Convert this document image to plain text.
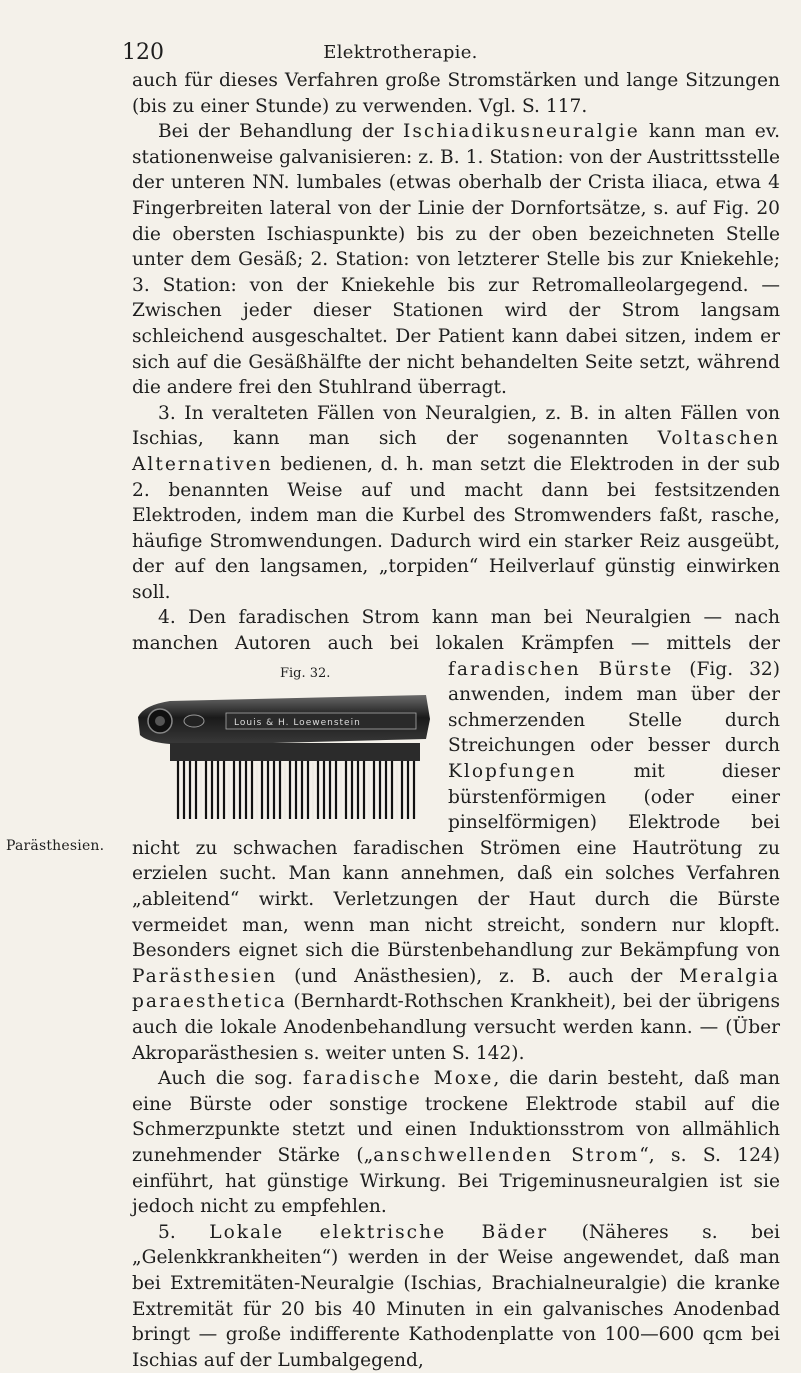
120	Elektrotherapie.
Parästhesien.

auch für dieses Verfahren große Stromstärken und lange Sitzungen (bis zu einer Stunde) zu verwenden. Vgl. S. 117.

Bei der Behandlung der Ischiadikusneuralgie kann man ev. stationenweise galvanisieren: z. B. 1. Station: von der Austrittsstelle der unteren NN. lumbales (etwas oberhalb der Crista iliaca, etwa 4 Fingerbreiten lateral von der Linie der Dornfortsätze, s. auf Fig. 20 die obersten Ischiaspunkte) bis zu der oben bezeichneten Stelle unter dem Gesäß; 2. Station: von letzterer Stelle bis zur Kniekehle; 3. Station: von der Kniekehle bis zur Retromalleolargegend. — Zwischen jeder dieser Stationen wird der Strom langsam schleichend ausgeschaltet. Der Patient kann dabei sitzen, indem er sich auf die Gesäßhälfte der nicht behandelten Seite setzt, während die andere frei den Stuhlrand überragt.

3. In veralteten Fällen von Neuralgien, z. B. in alten Fällen von Ischias, kann man sich der sogenannten Voltaschen Alternativen bedienen, d. h. man setzt die Elektroden in der sub 2. benannten Weise auf und macht dann bei festsitzenden Elektroden, indem man die Kurbel des Stromwenders faßt, rasche, häufige Stromwendungen. Dadurch wird ein starker Reiz ausgeübt, der auf den langsamen, „torpiden“ Heilverlauf günstig einwirken soll.

4. Den faradischen Strom kann man bei Neuralgien — nach manchen Autoren auch bei lokalen Krämpfen — mittels der
Fig. 32.
Louis & H. Loewenstein
faradischen Bürste (Fig. 32) anwenden, indem man über der schmerzenden Stelle durch Streichungen oder besser durch Klopfungen mit dieser bürstenförmigen (oder einer pinselförmigen) Elektrode bei nicht zu schwachen faradischen Strömen eine Hautrötung zu erzielen sucht. Man kann annehmen, daß ein solches Verfahren „ableitend“ wirkt. Verletzungen der Haut durch die Bürste vermeidet man, wenn man nicht streicht, sondern nur klopft. Besonders eignet sich die Bürstenbehandlung zur Bekämpfung von Parästhesien (und Anästhesien), z. B. auch der Meralgia paraesthetica (Bernhardt-Rothschen Krankheit), bei der übrigens auch die lokale Anodenbehandlung versucht werden kann. — (Über Akroparästhesien s. weiter unten S. 142).

Auch die sog. faradische Moxe, die darin besteht, daß man eine Bürste oder sonstige trockene Elektrode stabil auf die Schmerzpunkte stetzt und einen Induktionsstrom von allmählich zunehmender Stärke („anschwellenden Strom“, s. S. 124) einführt, hat günstige Wirkung. Bei Trigeminusneuralgien ist sie jedoch nicht zu empfehlen.

5. Lokale elektrische Bäder (Näheres s. bei „Gelenkkrankheiten“) werden in der Weise angewendet, daß man bei Extremitäten-Neuralgie (Ischias, Brachialneuralgie) die kranke Extremität für 20 bis 40 Minuten in ein galvanisches Anodenbad bringt — große indifferente Kathodenplatte von 100—600 qcm bei Ischias auf der Lumbalgegend,
